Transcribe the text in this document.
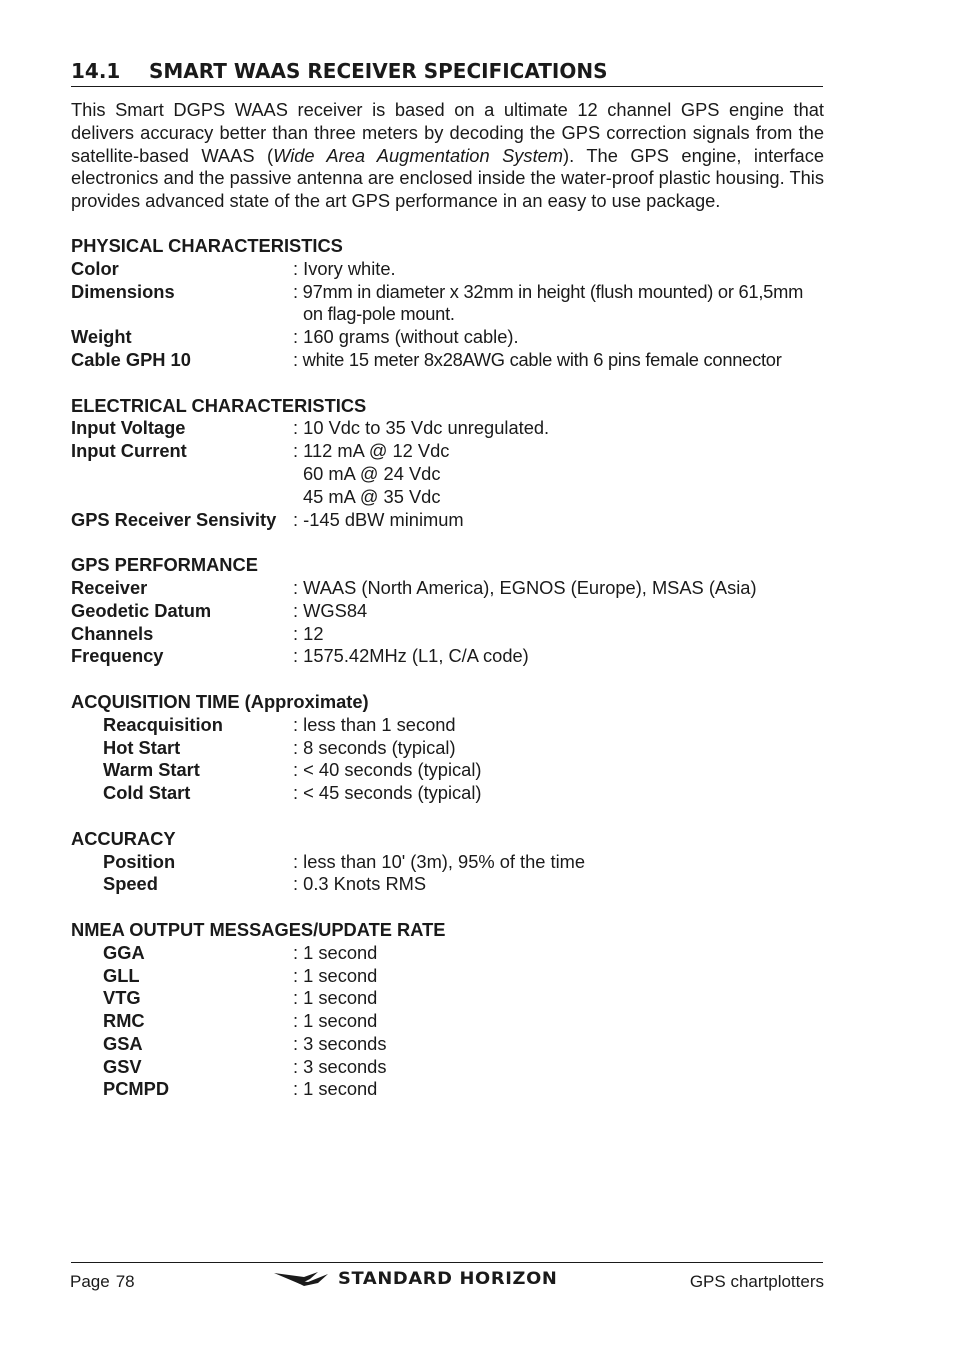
14.1 SMART WAAS RECEIVER SPECIFICATIONS

This Smart DGPS WAAS receiver is based on a ultimate 12 channel GPS engine that delivers accuracy better than three meters by decoding the GPS correction signals from the satellite-based WAAS (Wide Area Augmentation System). The GPS engine, interface electronics and the passive antenna are enclosed inside the water-proof plastic housing. This provides advanced state of the art GPS performance in an easy to use package.

PHYSICAL CHARACTERISTICS
Color	: Ivory white.
Dimensions	: 97mm in diameter x 32mm in height (flush mounted) or 61,5mm
on flag-pole mount.
Weight	: 160 grams (without cable).
Cable GPH 10	: white 15 meter 8x28AWG cable with 6 pins female connector
ELECTRICAL CHARACTERISTICS
Input Voltage	: 10 Vdc to 35 Vdc unregulated.
Input Current	: 112 mA @ 12 Vdc
60 mA @ 24 Vdc
45 mA @ 35 Vdc
GPS Receiver Sensivity : -145 dBW minimum
GPS PERFORMANCE
Receiver	: WAAS (North America), EGNOS (Europe), MSAS (Asia)
Geodetic Datum	: WGS84
Channels	: 12
Frequency	: 1575.42MHz (L1, C/A code)
ACQUISITION TIME (Approximate)
Reacquisition	: less than 1 second
Hot Start	: 8 seconds (typical)
Warm Start	: < 40 seconds (typical)
Cold Start	: < 45 seconds (typical)
ACCURACY
Position	: less than 10' (3m), 95% of the time
Speed	: 0.3 Knots RMS
NMEA OUTPUT MESSAGES/UPDATE RATE
GGA	: 1 second
GLL	: 1 second
VTG	: 1 second
RMC	: 1 second
GSA	: 3 seconds
GSV	: 3 seconds
PCMPD	: 1 second
Page 78	STANDARD HORIZON	GPS chartplotters
